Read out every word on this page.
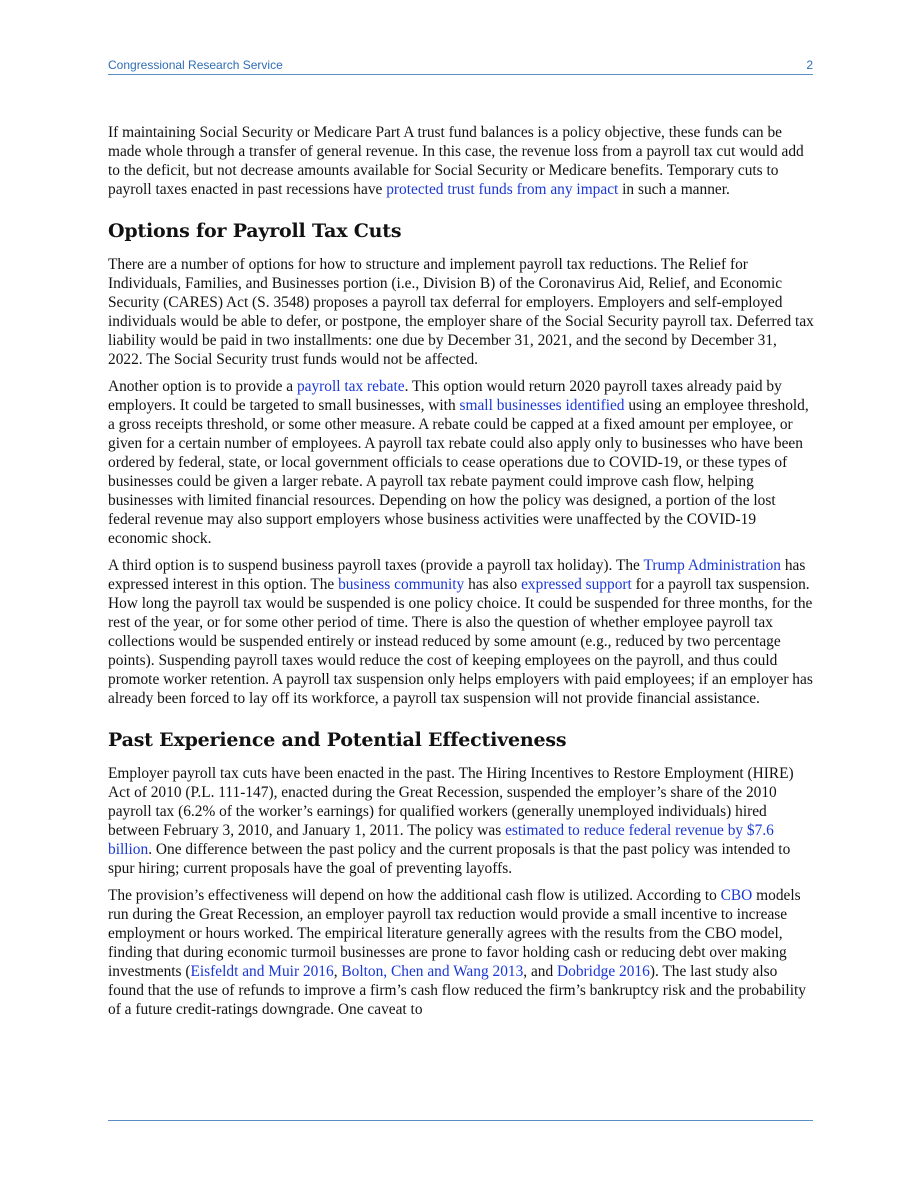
Congressional Research Service	2

If maintaining Social Security or Medicare Part A trust fund balances is a policy objective, these funds can be made whole through a transfer of general revenue. In this case, the revenue loss from a payroll tax cut would add to the deficit, but not decrease amounts available for Social Security or Medicare benefits. Temporary cuts to payroll taxes enacted in past recessions have protected trust funds from any impact in such a manner.

Options for Payroll Tax Cuts

There are a number of options for how to structure and implement payroll tax reductions. The Relief for Individuals, Families, and Businesses portion (i.e., Division B) of the Coronavirus Aid, Relief, and Economic Security (CARES) Act (S. 3548) proposes a payroll tax deferral for employers. Employers and self-employed individuals would be able to defer, or postpone, the employer share of the Social Security payroll tax. Deferred tax liability would be paid in two installments: one due by December 31, 2021, and the second by December 31, 2022. The Social Security trust funds would not be affected.

Another option is to provide a payroll tax rebate. This option would return 2020 payroll taxes already paid by employers. It could be targeted to small businesses, with small businesses identified using an employee threshold, a gross receipts threshold, or some other measure. A rebate could be capped at a fixed amount per employee, or given for a certain number of employees. A payroll tax rebate could also apply only to businesses who have been ordered by federal, state, or local government officials to cease operations due to COVID-19, or these types of businesses could be given a larger rebate. A payroll tax rebate payment could improve cash flow, helping businesses with limited financial resources. Depending on how the policy was designed, a portion of the lost federal revenue may also support employers whose business activities were unaffected by the COVID-19 economic shock.

A third option is to suspend business payroll taxes (provide a payroll tax holiday). The Trump Administration has expressed interest in this option. The business community has also expressed support for a payroll tax suspension. How long the payroll tax would be suspended is one policy choice. It could be suspended for three months, for the rest of the year, or for some other period of time. There is also the question of whether employee payroll tax collections would be suspended entirely or instead reduced by some amount (e.g., reduced by two percentage points). Suspending payroll taxes would reduce the cost of keeping employees on the payroll, and thus could promote worker retention. A payroll tax suspension only helps employers with paid employees; if an employer has already been forced to lay off its workforce, a payroll tax suspension will not provide financial assistance.

Past Experience and Potential Effectiveness

Employer payroll tax cuts have been enacted in the past. The Hiring Incentives to Restore Employment (HIRE) Act of 2010 (P.L. 111-147), enacted during the Great Recession, suspended the employer’s share of the 2010 payroll tax (6.2% of the worker’s earnings) for qualified workers (generally unemployed individuals) hired between February 3, 2010, and January 1, 2011. The policy was estimated to reduce federal revenue by $7.6 billion. One difference between the past policy and the current proposals is that the past policy was intended to spur hiring; current proposals have the goal of preventing layoffs.

The provision’s effectiveness will depend on how the additional cash flow is utilized. According to CBO models run during the Great Recession, an employer payroll tax reduction would provide a small incentive to increase employment or hours worked. The empirical literature generally agrees with the results from the CBO model, finding that during economic turmoil businesses are prone to favor holding cash or reducing debt over making investments (Eisfeldt and Muir 2016, Bolton, Chen and Wang 2013, and Dobridge 2016). The last study also found that the use of refunds to improve a firm’s cash flow reduced the firm’s bankruptcy risk and the probability of a future credit-ratings downgrade. One caveat to
